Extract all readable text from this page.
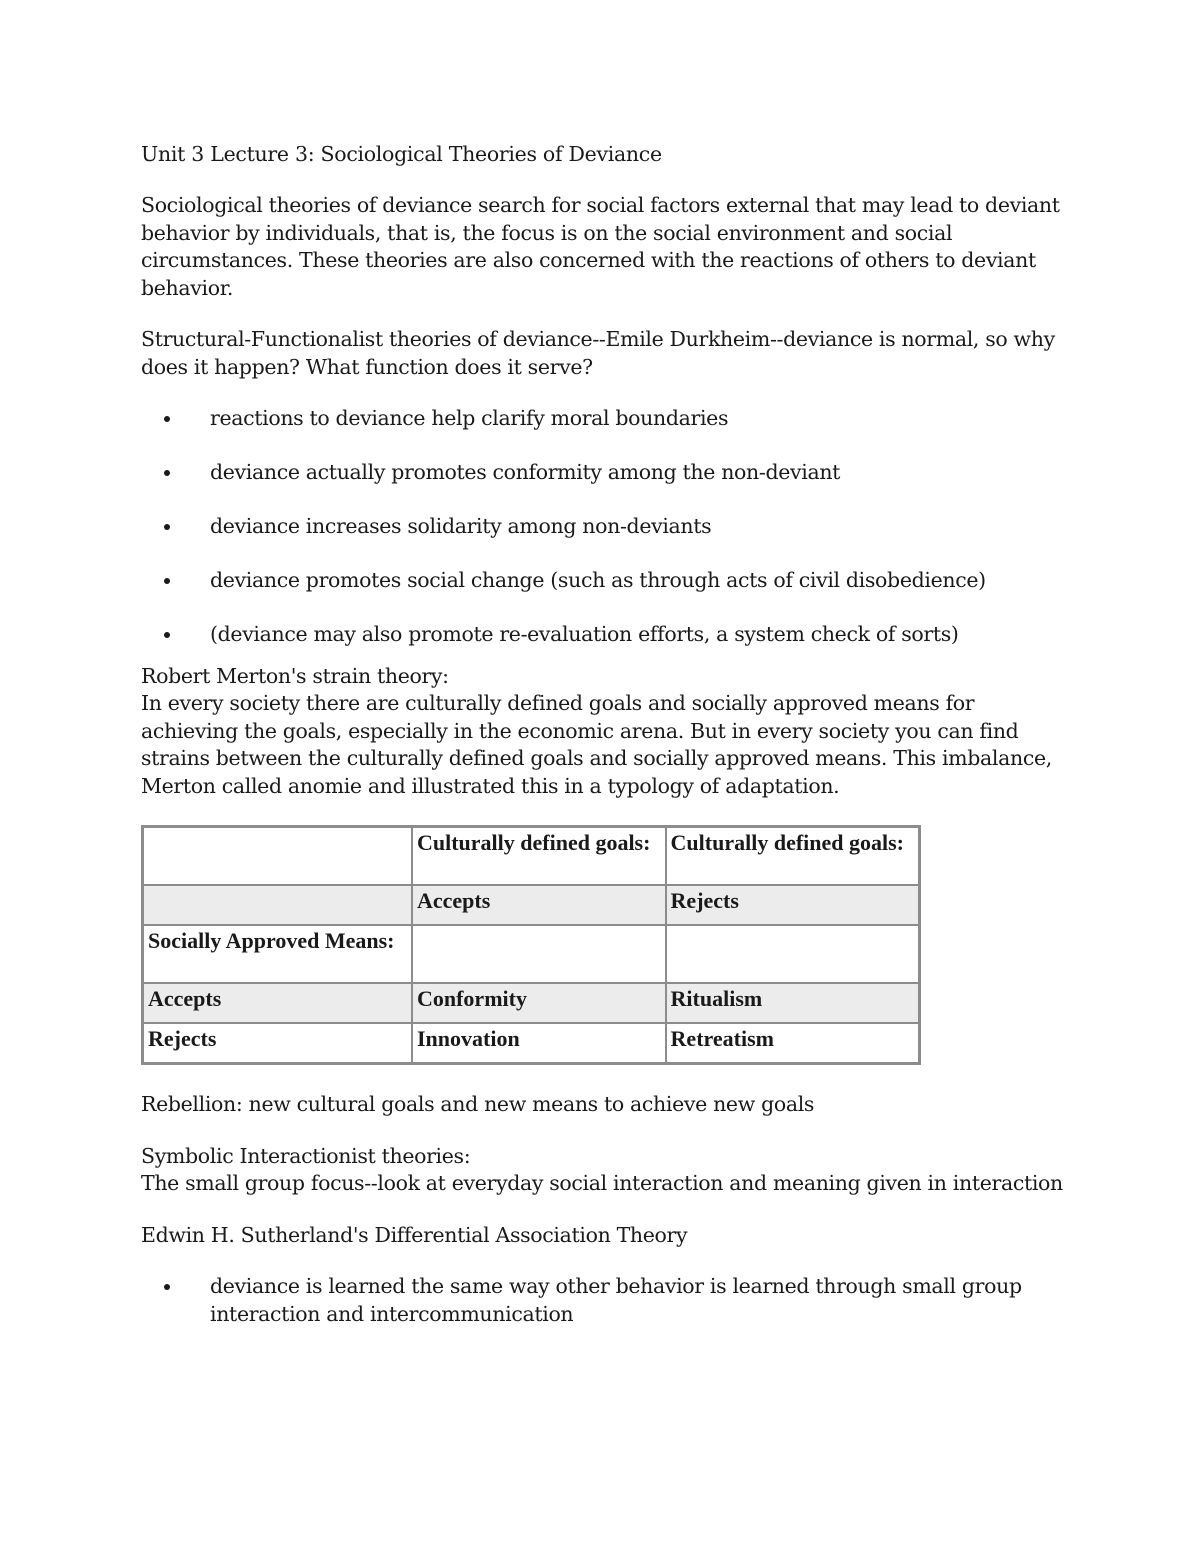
Unit 3 Lecture 3: Sociological Theories of Deviance

Sociological theories of deviance search for social factors external that may lead to deviant behavior by individuals, that is, the focus is on the social environment and social circumstances. These theories are also concerned with the reactions of others to deviant behavior.

Structural-Functionalist theories of deviance--Emile Durkheim--deviance is normal, so why does it happen? What function does it serve?

reactions to deviance help clarify moral boundaries
deviance actually promotes conformity among the non-deviant
deviance increases solidarity among non-deviants
deviance promotes social change (such as through acts of civil disobedience)
(deviance may also promote re-evaluation efforts, a system check of sorts)

Robert Merton's strain theory:

In every society there are culturally defined goals and socially approved means for achieving the goals, especially in the economic arena. But in every society you can find strains between the culturally defined goals and socially approved means. This imbalance, Merton called anomie and illustrated this in a typology of adaptation.

	Culturally defined goals:	Culturally defined goals:
	Accepts	Rejects
Socially Approved Means:		
Accepts	Conformity	Ritualism
Rejects	Innovation	Retreatism

Rebellion: new cultural goals and new means to achieve new goals

Symbolic Interactionist theories:

The small group focus--look at everyday social interaction and meaning given in interaction

Edwin H. Sutherland's Differential Association Theory

deviance is learned the same way other behavior is learned through small group interaction and intercommunication
